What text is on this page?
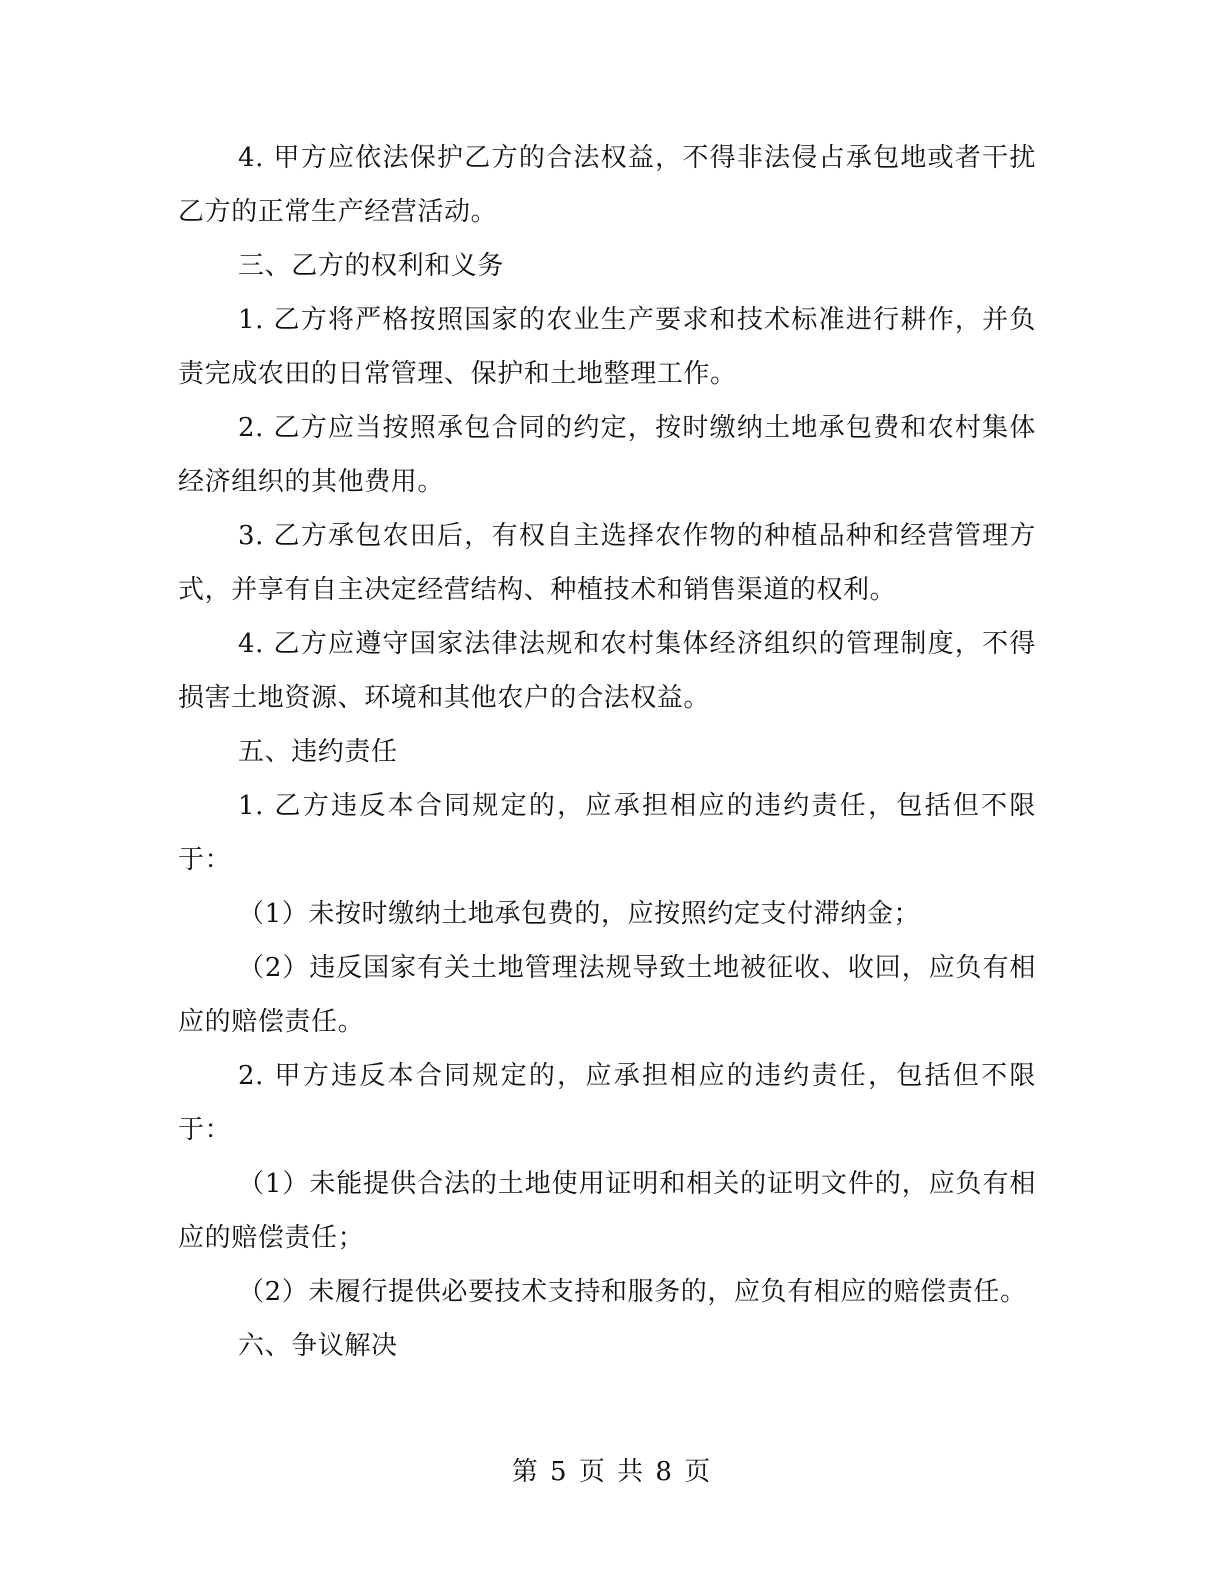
4. 甲方应依法保护乙方的合法权益，不得非法侵占承包地或者干扰乙方的正常生产经营活动。

三、乙方的权利和义务

1. 乙方将严格按照国家的农业生产要求和技术标准进行耕作，并负责完成农田的日常管理、保护和土地整理工作。

2. 乙方应当按照承包合同的约定，按时缴纳土地承包费和农村集体经济组织的其他费用。

3. 乙方承包农田后，有权自主选择农作物的种植品种和经营管理方式，并享有自主决定经营结构、种植技术和销售渠道的权利。

4. 乙方应遵守国家法律法规和农村集体经济组织的管理制度，不得损害土地资源、环境和其他农户的合法权益。

五、违约责任

1. 乙方违反本合同规定的，应承担相应的违约责任，包括但不限于：

（1）未按时缴纳土地承包费的，应按照约定支付滞纳金；

（2）违反国家有关土地管理法规导致土地被征收、收回，应负有相应的赔偿责任。

2. 甲方违反本合同规定的，应承担相应的违约责任，包括但不限于：

（1）未能提供合法的土地使用证明和相关的证明文件的，应负有相应的赔偿责任；

（2）未履行提供必要技术支持和服务的，应负有相应的赔偿责任。

六、争议解决

第 5 页 共 8 页
